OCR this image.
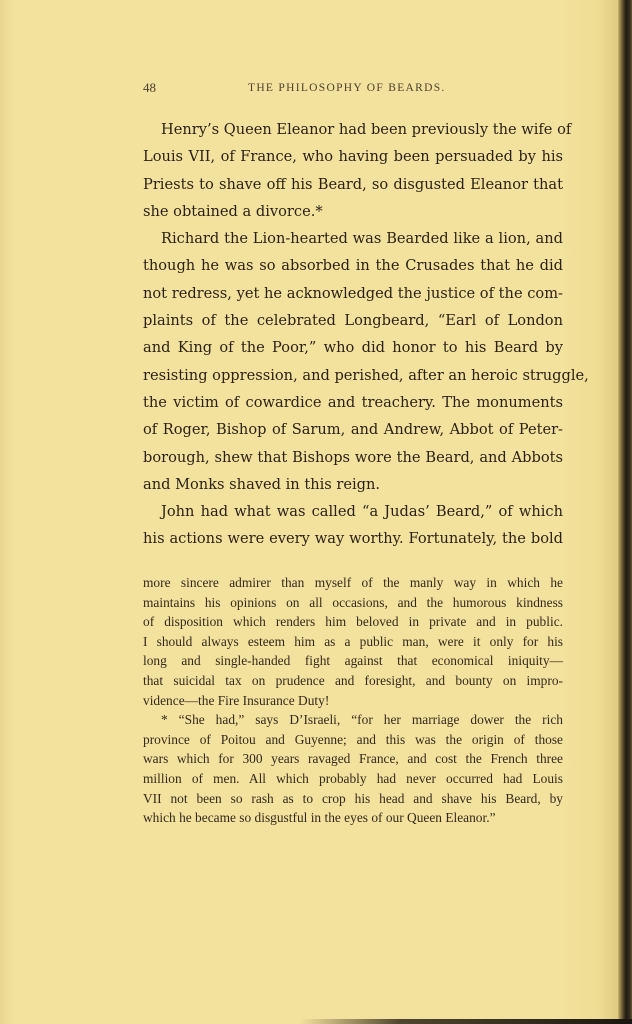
48	THE PHILOSOPHY OF BEARDS.
Henry’s Queen Eleanor had been previously the wife of
Louis VII, of France, who having been persuaded by his
Priests to shave off his Beard, so disgusted Eleanor that
she obtained a divorce.*
Richard the Lion-hearted was Bearded like a lion, and
though he was so absorbed in the Crusades that he did
not redress, yet he acknowledged the justice of the com-
plaints of the celebrated Longbeard, “Earl of London
and King of the Poor,” who did honor to his Beard by
resisting oppression, and perished, after an heroic struggle,
the victim of cowardice and treachery. The monuments
of Roger, Bishop of Sarum, and Andrew, Abbot of Peter-
borough, shew that Bishops wore the Beard, and Abbots
and Monks shaved in this reign.
John had what was called “a Judas’ Beard,” of which
his actions were every way worthy. Fortunately, the bold
more sincere admirer than myself of the manly way in which he
maintains his opinions on all occasions, and the humorous kindness
of disposition which renders him beloved in private and in public.
I should always esteem him as a public man, were it only for his
long and single-handed fight against that economical iniquity—
that suicidal tax on prudence and foresight, and bounty on impro-
vidence—the Fire Insurance Duty!
* “She had,” says D’Israeli, “for her marriage dower the rich
province of Poitou and Guyenne; and this was the origin of those
wars which for 300 years ravaged France, and cost the French three
million of men. All which probably had never occurred had Louis
VII not been so rash as to crop his head and shave his Beard, by
which he became so disgustful in the eyes of our Queen Eleanor.”
